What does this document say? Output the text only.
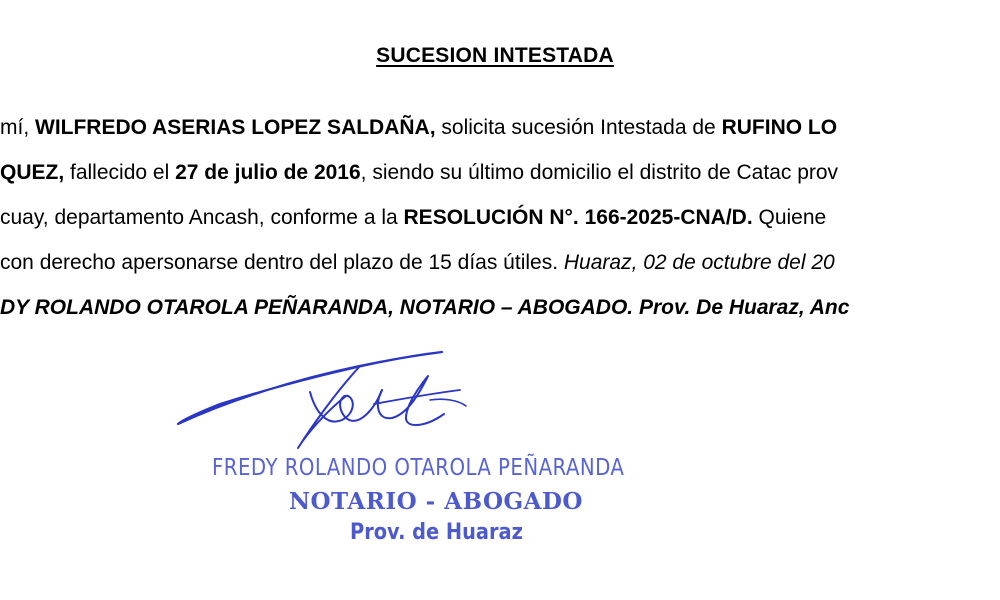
SUCESION INTESTADA
mí, WILFREDO ASERIAS LOPEZ SALDAÑA, solicita sucesión Intestada de RUFINO LO
QUEZ, fallecido el 27 de julio de 2016, siendo su último domicilio el distrito de Catac prov
cuay, departamento Ancash, conforme a la RESOLUCIÓN N°. 166-2025-CNA/D. Quiene
con derecho apersonarse dentro del plazo de 15 días útiles. Huaraz, 02 de octubre del 20
DY ROLANDO OTAROLA PEÑARANDA, NOTARIO – ABOGADO. Prov. De Huaraz, Anc
FREDY ROLANDO OTAROLA PEÑARANDA
NOTARIO - ABOGADO
Prov. de Huaraz
